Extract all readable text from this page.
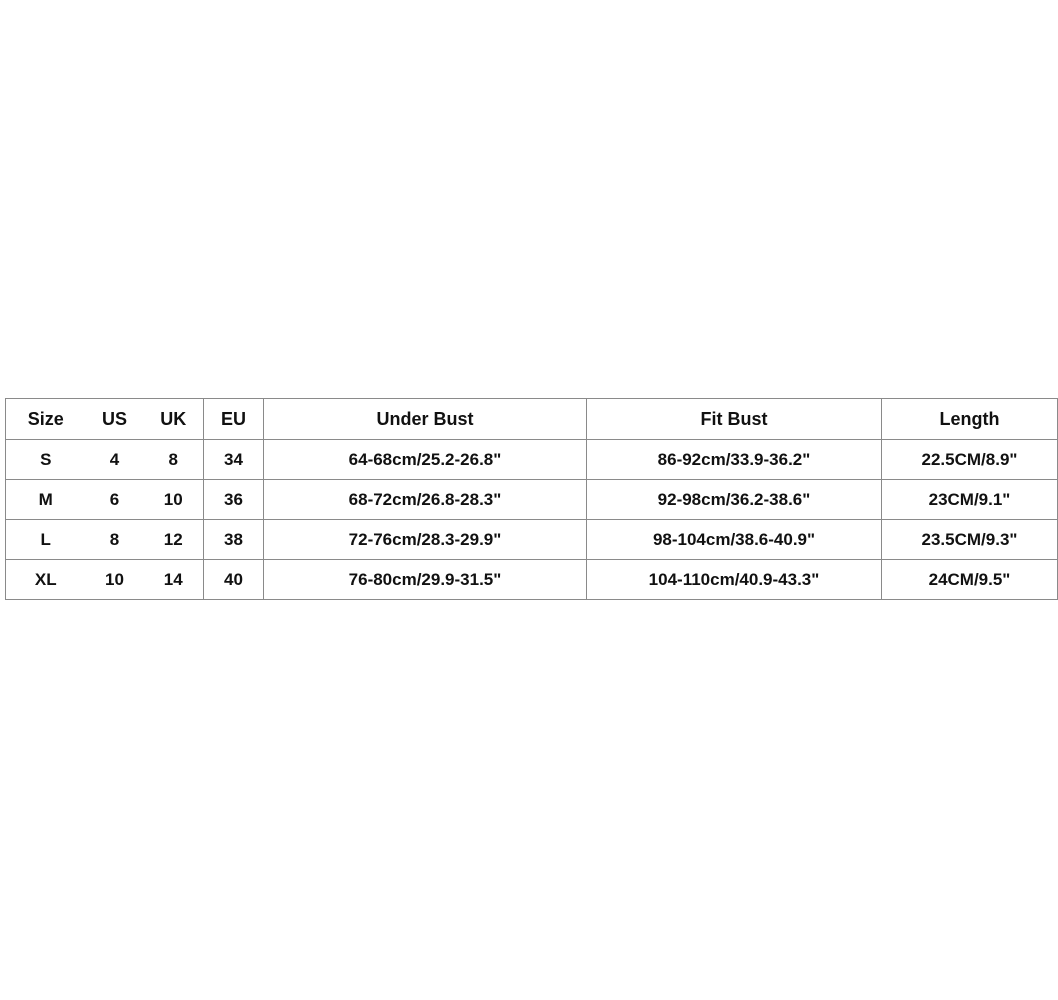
Size	US	UK	EU	Under Bust	Fit Bust	Length
S	4	8	34	64-68cm/25.2-26.8"	86-92cm/33.9-36.2"	22.5CM/8.9"
M	6	10	36	68-72cm/26.8-28.3"	92-98cm/36.2-38.6"	23CM/9.1"
L	8	12	38	72-76cm/28.3-29.9"	98-104cm/38.6-40.9"	23.5CM/9.3"
XL	10	14	40	76-80cm/29.9-31.5"	104-110cm/40.9-43.3"	24CM/9.5"
